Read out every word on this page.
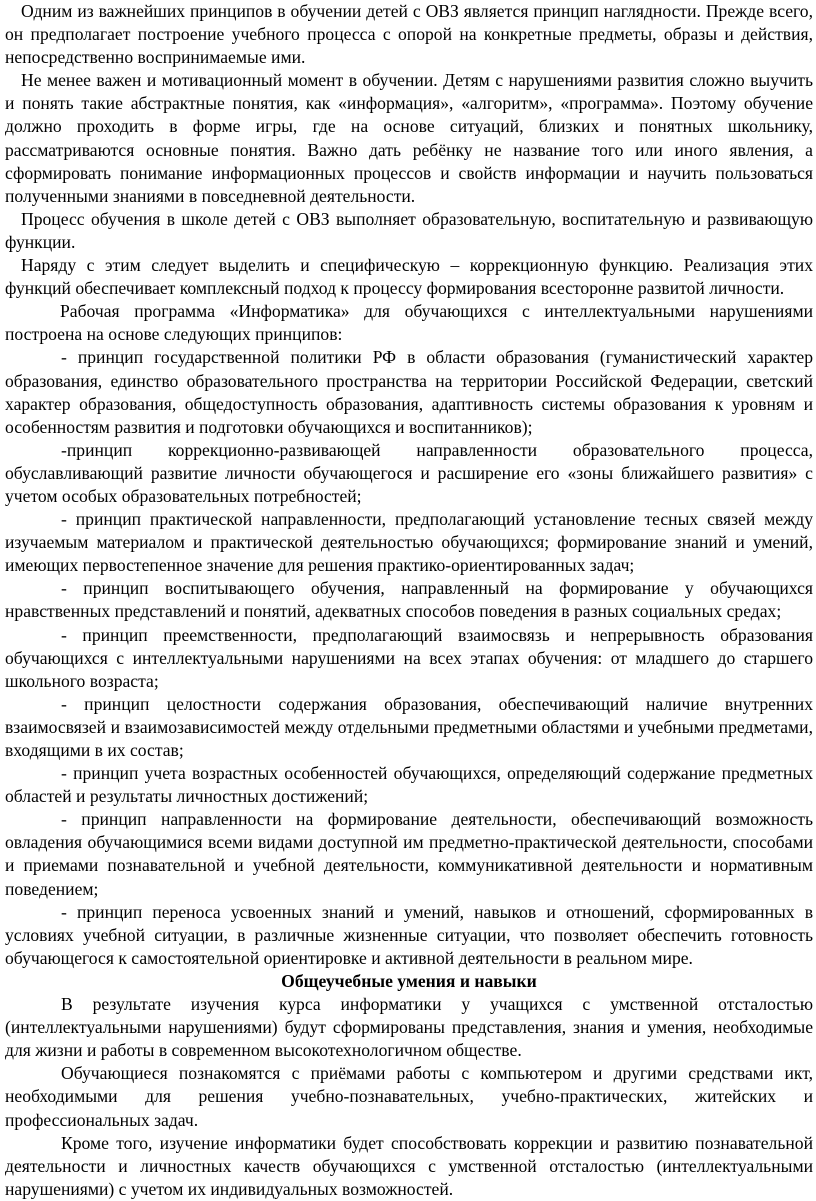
Одним из важнейших принципов в обучении детей с ОВЗ является принцип наглядности. Прежде всего, он предполагает построение учебного процесса с опорой на конкретные предметы, образы и действия, непосредственно воспринимаемые ими.

Не менее важен и мотивационный момент в обучении. Детям с нарушениями развития сложно выучить и понять такие абстрактные понятия, как «информация», «алгоритм», «программа». Поэтому обучение должно проходить в форме игры, где на основе ситуаций, близких и понятных школьнику, рассматриваются основные понятия. Важно дать ребёнку не название того или иного явления, а сформировать понимание информационных процессов и свойств информации и научить пользоваться полученными знаниями в повседневной деятельности.

Процесс обучения в школе детей с ОВЗ выполняет образовательную, воспитательную и развивающую функции.

Наряду с этим следует выделить и специфическую – коррекционную функцию. Реализация этих функций обеспечивает комплексный подход к процессу формирования всесторонне развитой личности.

Рабочая программа «Информатика» для обучающихся с интеллектуальными нарушениями построена на основе следующих принципов:

- принцип государственной политики РФ в области образования (гуманистический характер образования, единство образовательного пространства на территории Российской Федерации, светский характер образования, общедоступность образования, адаптивность системы образования к уровням и особенностям развития и подготовки обучающихся и воспитанников);

-принцип коррекционно-развивающей направленности образовательного процесса, обуславливающий развитие личности обучающегося и расширение его «зоны ближайшего развития» с учетом особых образовательных потребностей;

- принцип практической направленности, предполагающий установление тесных связей между изучаемым материалом и практической деятельностью обучающихся; формирование знаний и умений, имеющих первостепенное значение для решения практико-ориентированных задач;

- принцип воспитывающего обучения, направленный на формирование у обучающихся нравственных представлений и понятий, адекватных способов поведения в разных социальных средах;

- принцип преемственности, предполагающий взаимосвязь и непрерывность образования обучающихся с интеллектуальными нарушениями на всех этапах обучения: от младшего до старшего школьного возраста;

- принцип целостности содержания образования, обеспечивающий наличие внутренних взаимосвязей и взаимозависимостей между отдельными предметными областями и учебными предметами, входящими в их состав;

- принцип учета возрастных особенностей обучающихся, определяющий содержание предметных областей и результаты личностных достижений;

- принцип направленности на формирование деятельности, обеспечивающий возможность овладения обучающимися всеми видами доступной им предметно-практической деятельности, способами и приемами познавательной и учебной деятельности, коммуникативной деятельности и нормативным поведением;

- принцип переноса усвоенных знаний и умений, навыков и отношений, сформированных в условиях учебной ситуации, в различные жизненные ситуации, что позволяет обеспечить готовность обучающегося к самостоятельной ориентировке и активной деятельности в реальном мире.

Общеучебные умения и навыки

В результате изучения курса информатики у учащихся с умственной отсталостью (интеллектуальными нарушениями) будут сформированы представления, знания и умения, необходимые для жизни и работы в современном высокотехнологичном обществе.

Обучающиеся познакомятся с приёмами работы с компьютером и другими средствами икт, необходимыми для решения учебно-познавательных, учебно-практических, житейских и профессиональных задач.

Кроме того, изучение информатики будет способствовать коррекции и развитию познавательной деятельности и личностных качеств обучающихся с умственной отсталостью (интеллектуальными нарушениями) с учетом их индивидуальных возможностей.
